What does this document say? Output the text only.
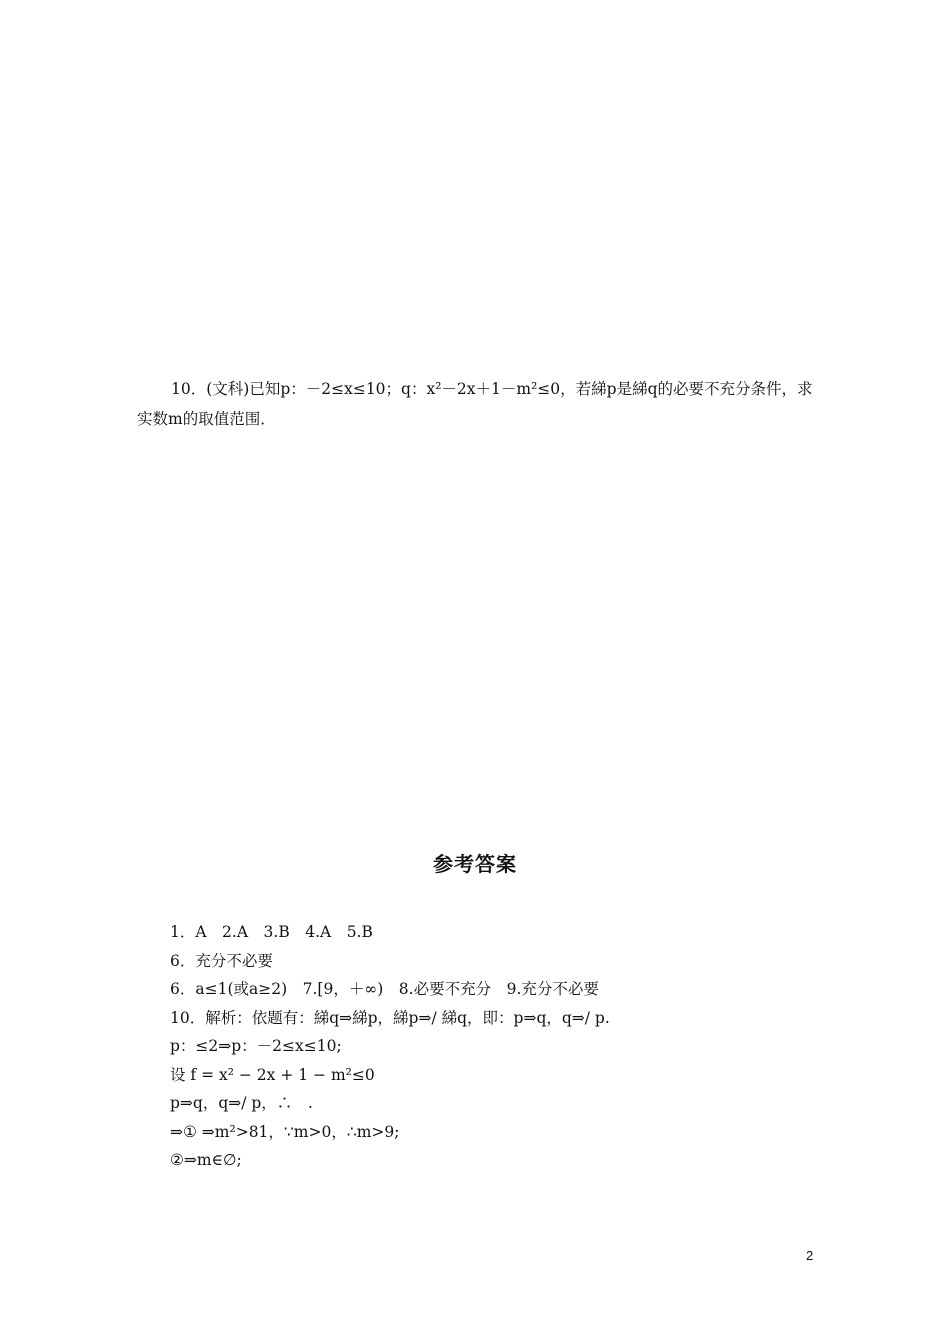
10．(文科)已知p：－2≤x≤10；q：x²－2x＋1－m²≤0，若綈p是綈q的必要不充分条件，求
实数m的取值范围．
参考答案
1．A　2.A　3.B　4.A　5.B
6．充分不必要
6．a≤1(或a≥2)　7.[9，＋∞)　8.必要不充分　9.充分不必要
10．解析：依题有：綈q⇒綈p，綈p⇒/ 綈q，即：p⇒q，q⇒/ p.
p：≤2⇒p：－2≤x≤10;
设 f = x² − 2x + 1 − m²≤0
p⇒q，q⇒/ p，∴　.
⇒① ⇒m²>81，∵m>0，∴m>9;
②⇒m∈∅;
2
